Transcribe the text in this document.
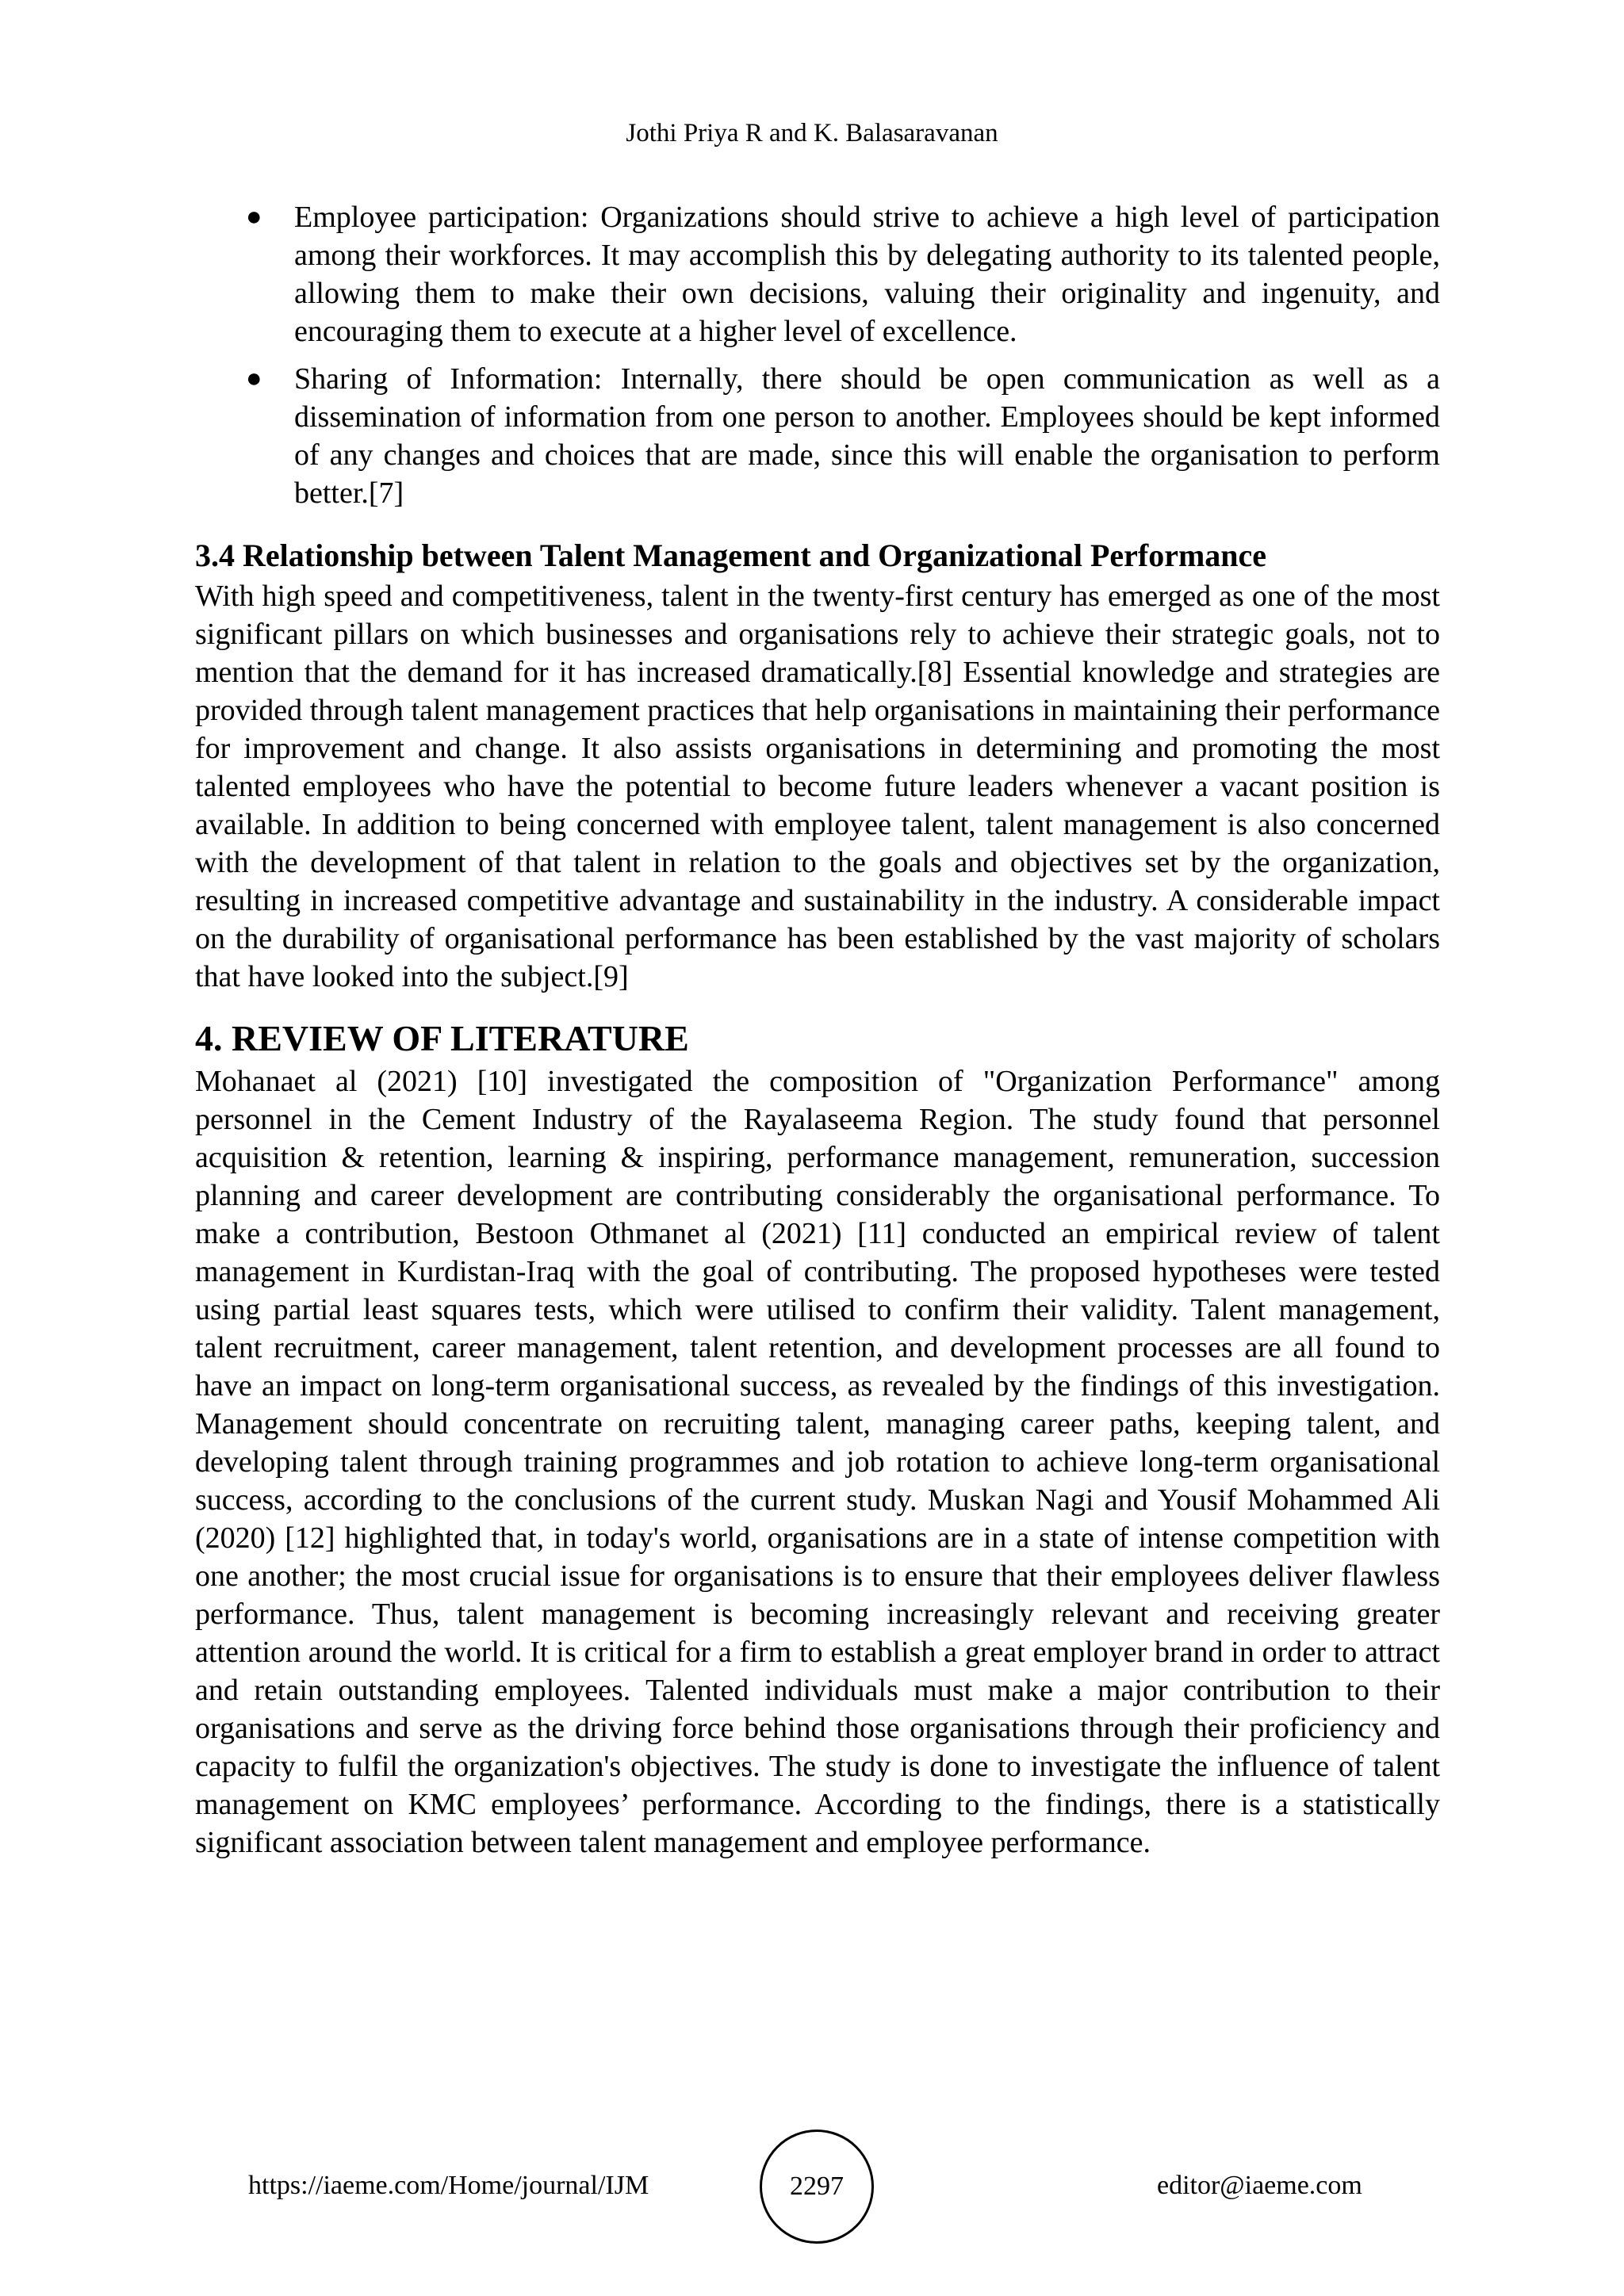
Jothi Priya R and K. Balasaravanan
● Employee participation: Organizations should strive to achieve a high level of participation among their workforces. It may accomplish this by delegating authority to its talented people, allowing them to make their own decisions, valuing their originality and ingenuity, and encouraging them to execute at a higher level of excellence.
● Sharing of Information: Internally, there should be open communication as well as a dissemination of information from one person to another. Employees should be kept informed of any changes and choices that are made, since this will enable the organisation to perform better.[7]
3.4 Relationship between Talent Management and Organizational Performance

With high speed and competitiveness, talent in the twenty-first century has emerged as one of the most significant pillars on which businesses and organisations rely to achieve their strategic goals, not to mention that the demand for it has increased dramatically.[8] Essential knowledge and strategies are provided through talent management practices that help organisations in maintaining their performance for improvement and change. It also assists organisations in determining and promoting the most talented employees who have the potential to become future leaders whenever a vacant position is available. In addition to being concerned with employee talent, talent management is also concerned with the development of that talent in relation to the goals and objectives set by the organization, resulting in increased competitive advantage and sustainability in the industry. A considerable impact on the durability of organisational performance has been established by the vast majority of scholars that have looked into the subject.[9]

4. REVIEW OF LITERATURE

Mohanaet al (2021) [10] investigated the composition of "Organization Performance" among personnel in the Cement Industry of the Rayalaseema Region. The study found that personnel acquisition & retention, learning & inspiring, performance management, remuneration, succession planning and career development are contributing considerably the organisational performance. To make a contribution, Bestoon Othmanet al (2021) [11] conducted an empirical review of talent management in Kurdistan-Iraq with the goal of contributing. The proposed hypotheses were tested using partial least squares tests, which were utilised to confirm their validity. Talent management, talent recruitment, career management, talent retention, and development processes are all found to have an impact on long-term organisational success, as revealed by the findings of this investigation. Management should concentrate on recruiting talent, managing career paths, keeping talent, and developing talent through training programmes and job rotation to achieve long-term organisational success, according to the conclusions of the current study. Muskan Nagi and Yousif Mohammed Ali (2020) [12] highlighted that, in today's world, organisations are in a state of intense competition with one another; the most crucial issue for organisations is to ensure that their employees deliver flawless performance. Thus, talent management is becoming increasingly relevant and receiving greater attention around the world. It is critical for a firm to establish a great employer brand in order to attract and retain outstanding employees. Talented individuals must make a major contribution to their organisations and serve as the driving force behind those organisations through their proficiency and capacity to fulfil the organization's objectives. The study is done to investigate the influence of talent management on KMC employees’ performance. According to the findings, there is a statistically significant association between talent management and employee performance.

https://iaeme.com/Home/journal/IJM	2297	editor@iaeme.com
